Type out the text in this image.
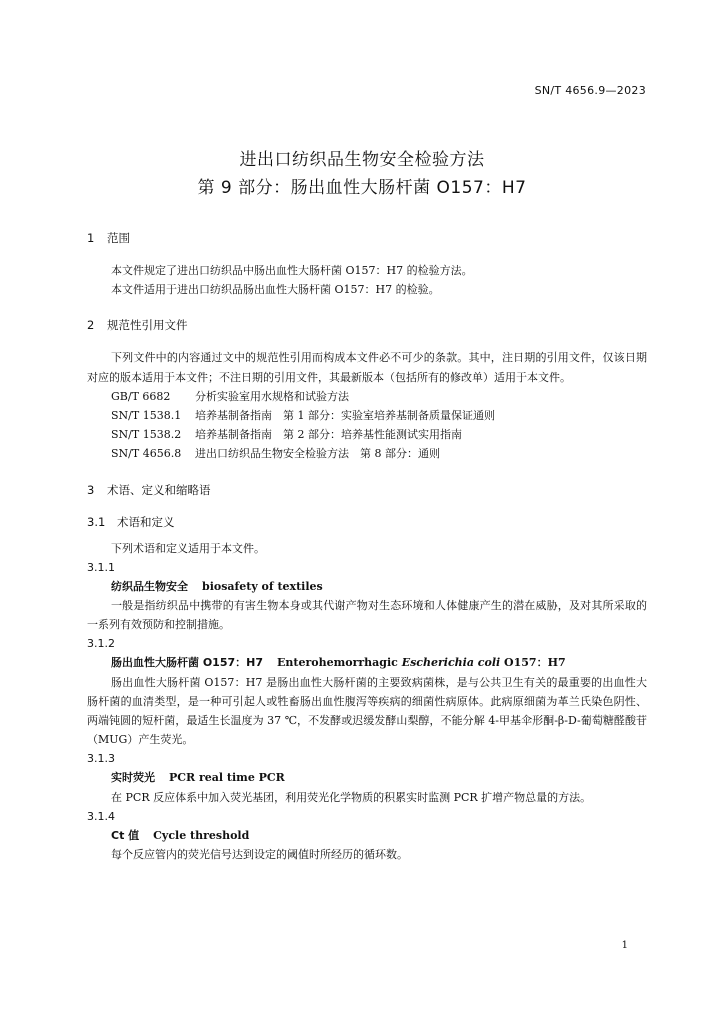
SN/T 4656.9—2023
进出口纺织品生物安全检验方法
第 9 部分：肠出血性大肠杆菌 O157：H7
1 范围
本文件规定了进出口纺织品中肠出血性大肠杆菌 O157：H7 的检验方法。
本文件适用于进出口纺织品肠出血性大肠杆菌 O157：H7 的检验。
2 规范性引用文件
下列文件中的内容通过文中的规范性引用而构成本文件必不可少的条款。其中，注日期的引用文件，仅该日期对应的版本适用于本文件；不注日期的引用文件，其最新版本（包括所有的修改单）适用于本文件。
GB/T 6682 分析实验室用水规格和试验方法
SN/T 1538.1 培养基制备指南　第 1 部分：实验室培养基制备质量保证通则
SN/T 1538.2 培养基制备指南　第 2 部分：培养基性能测试实用指南
SN/T 4656.8 进出口纺织品生物安全检验方法　第 8 部分：通则
3 术语、定义和缩略语
3.1 术语和定义
下列术语和定义适用于本文件。
3.1.1
纺织品生物安全 biosafety of textiles
一般是指纺织品中携带的有害生物本身或其代谢产物对生态环境和人体健康产生的潜在威胁，及对其所采取的一系列有效预防和控制措施。
3.1.2
肠出血性大肠杆菌 O157：H7 Enterohemorrhagic Escherichia coli O157：H7
肠出血性大肠杆菌 O157：H7 是肠出血性大肠杆菌的主要致病菌株，是与公共卫生有关的最重要的出血性大肠杆菌的血清类型，是一种可引起人或牲畜肠出血性腹泻等疾病的细菌性病原体。此病原细菌为革兰氏染色阴性、两端钝圆的短杆菌，最适生长温度为 37 ℃，不发酵或迟缓发酵山梨醇，不能分解 4-甲基伞形酮-β-D-葡萄糖醛酸苷（MUG）产生荧光。
3.1.3
实时荧光 PCR real time PCR
在 PCR 反应体系中加入荧光基团，利用荧光化学物质的积累实时监测 PCR 扩增产物总量的方法。
3.1.4
Ct 值 Cycle threshold
每个反应管内的荧光信号达到设定的阈值时所经历的循环数。
1
